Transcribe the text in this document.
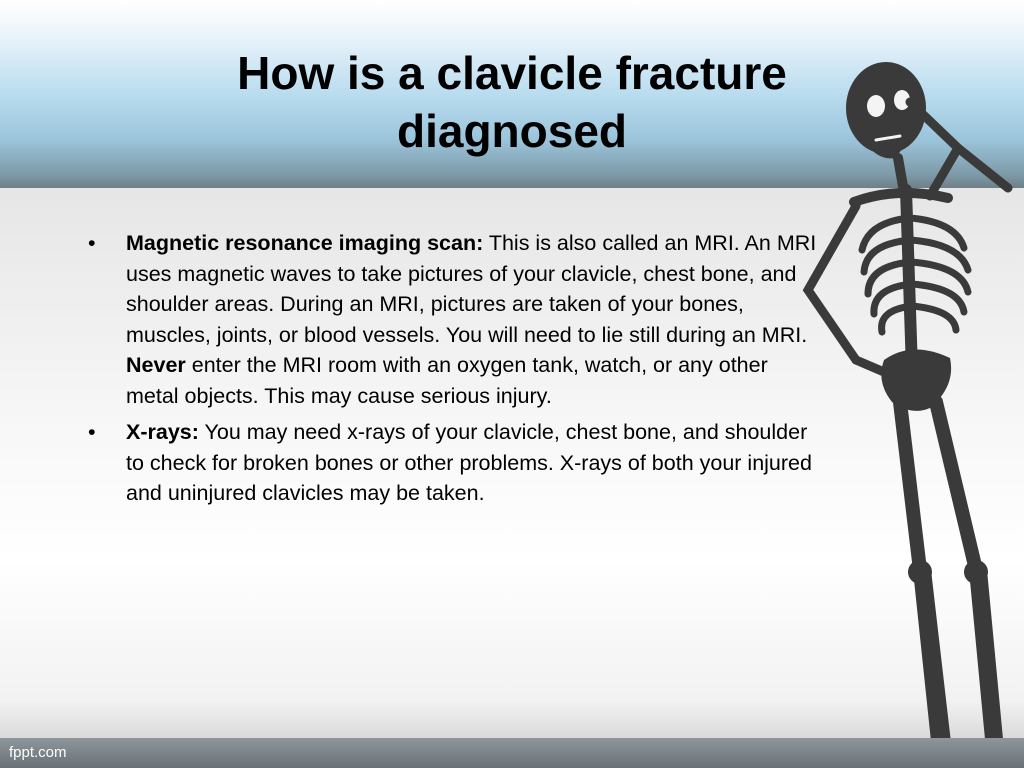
How is a clavicle fracture diagnosed
• Magnetic resonance imaging scan: This is also called an MRI. An MRI uses magnetic waves to take pictures of your clavicle, chest bone, and shoulder areas. During an MRI, pictures are taken of your bones, muscles, joints, or blood vessels. You will need to lie still during an MRI. Never enter the MRI room with an oxygen tank, watch, or any other metal objects. This may cause serious injury.
• X-rays: You may need x-rays of your clavicle, chest bone, and shoulder to check for broken bones or other problems. X-rays of both your injured and uninjured clavicles may be taken.
fppt.com
